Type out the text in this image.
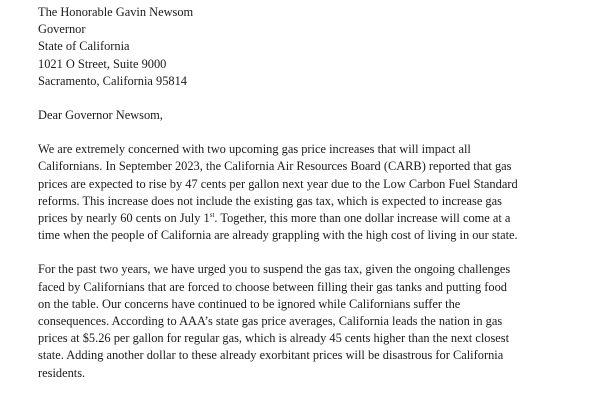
The Honorable Gavin Newsom
Governor
State of California
1021 O Street, Suite 9000
Sacramento, California 95814
Dear Governor Newsom,
We are extremely concerned with two upcoming gas price increases that will impact all
Californians. In September 2023, the California Air Resources Board (CARB) reported that gas
prices are expected to rise by 47 cents per gallon next year due to the Low Carbon Fuel Standard
reforms. This increase does not include the existing gas tax, which is expected to increase gas
prices by nearly 60 cents on July 1st. Together, this more than one dollar increase will come at a
time when the people of California are already grappling with the high cost of living in our state.
For the past two years, we have urged you to suspend the gas tax, given the ongoing challenges
faced by Californians that are forced to choose between filling their gas tanks and putting food
on the table. Our concerns have continued to be ignored while Californians suffer the
consequences. According to AAA’s state gas price averages, California leads the nation in gas
prices at $5.26 per gallon for regular gas, which is already 45 cents higher than the next closest
state. Adding another dollar to these already exorbitant prices will be disastrous for California
residents.
